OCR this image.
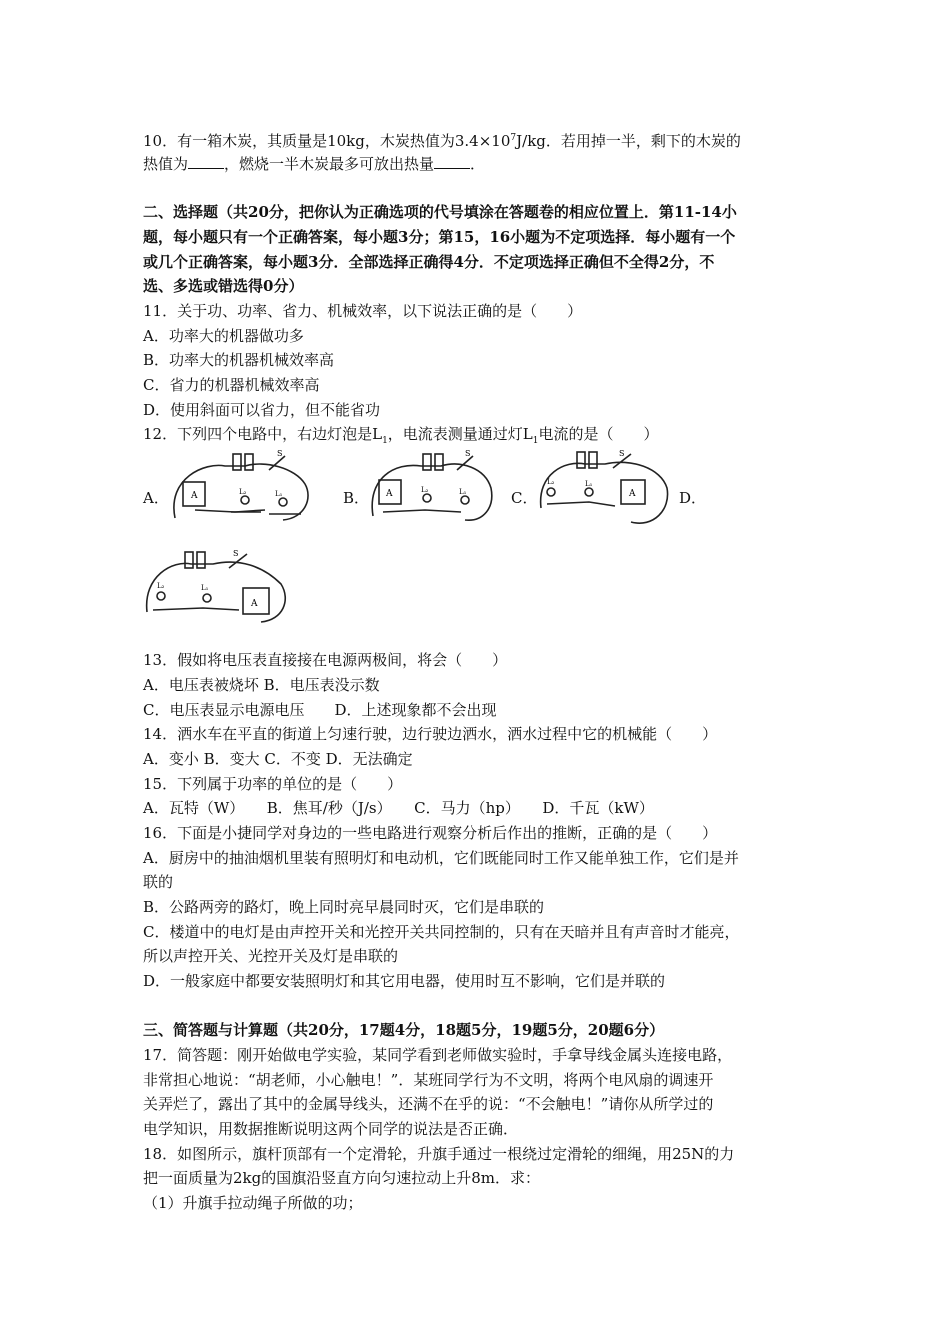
10．有一箱木炭，其质量是10kg，木炭热值为$3.4\times 10^7J/kg$．若用掉一半，剩下的木炭的
热值为 ，燃烧一半木炭最多可放出热量 ．
二、选择题（共20分，把你认为正确选项的代号填涂在答题卷的相应位置上．第11-14小
题，每小题只有一个正确答案，每小题3分；第15，16小题为不定项选择．每小题有一个
或几个正确答案，每小题3分．全部选择正确得4分．不定项选择正确但不全得2分，不
选、多选或错选得0分）
11．关于功、功率、省力、机械效率，以下说法正确的是（　　）
A．功率大的机器做功多
B．功率大的机器机械效率高
C．省力的机器机械效率高
D．使用斜面可以省力，但不能省功
12．下列四个电路中，右边灯泡是$L_1$，电流表测量通过灯$L_1$电流的是（　　）
A．
S
A	L₂	L₁	B．
S
A	L₂	L₁	C．
S
A
L₂	L₁
D．
S
A
L₂	L₁
13．假如将电压表直接接在电源两极间，将会（　　）
A．电压表被烧坏 B．电压表没示数
C．电压表显示电源电压　　D．上述现象都不会出现
14．洒水车在平直的街道上匀速行驶，边行驶边洒水，洒水过程中它的机械能（　　）
A．变小 B．变大 C．不变 D．无法确定
15．下列属于功率的单位的是（　　）
A．瓦特（W）　　B．焦耳/秒（J/s）　　C．马力（hp）　　D．千瓦（kW）
16．下面是小捷同学对身边的一些电路进行观察分析后作出的推断，正确的是（　　）
A．厨房中的抽油烟机里装有照明灯和电动机，它们既能同时工作又能单独工作，它们是并
联的
B．公路两旁的路灯，晚上同时亮早晨同时灭，它们是串联的
C．楼道中的电灯是由声控开关和光控开关共同控制的，只有在天暗并且有声音时才能亮，
所以声控开关、光控开关及灯是串联的
D．一般家庭中都要安装照明灯和其它用电器，使用时互不影响，它们是并联的
三、简答题与计算题（共20分，17题4分，18题5分，19题5分，20题6分）
17．简答题：刚开始做电学实验，某同学看到老师做实验时，手拿导线金属头连接电路，
非常担心地说：“胡老师，小心触电！”．某班同学行为不文明，将两个电风扇的调速开
关弄烂了，露出了其中的金属导线头，还满不在乎的说：“不会触电！”请你从所学过的
电学知识，用数据推断说明这两个同学的说法是否正确．
18．如图所示，旗杆顶部有一个定滑轮，升旗手通过一根绕过定滑轮的细绳，用25N的力
把一面质量为2kg的国旗沿竖直方向匀速拉动上升8m．求：
（1）升旗手拉动绳子所做的功；
